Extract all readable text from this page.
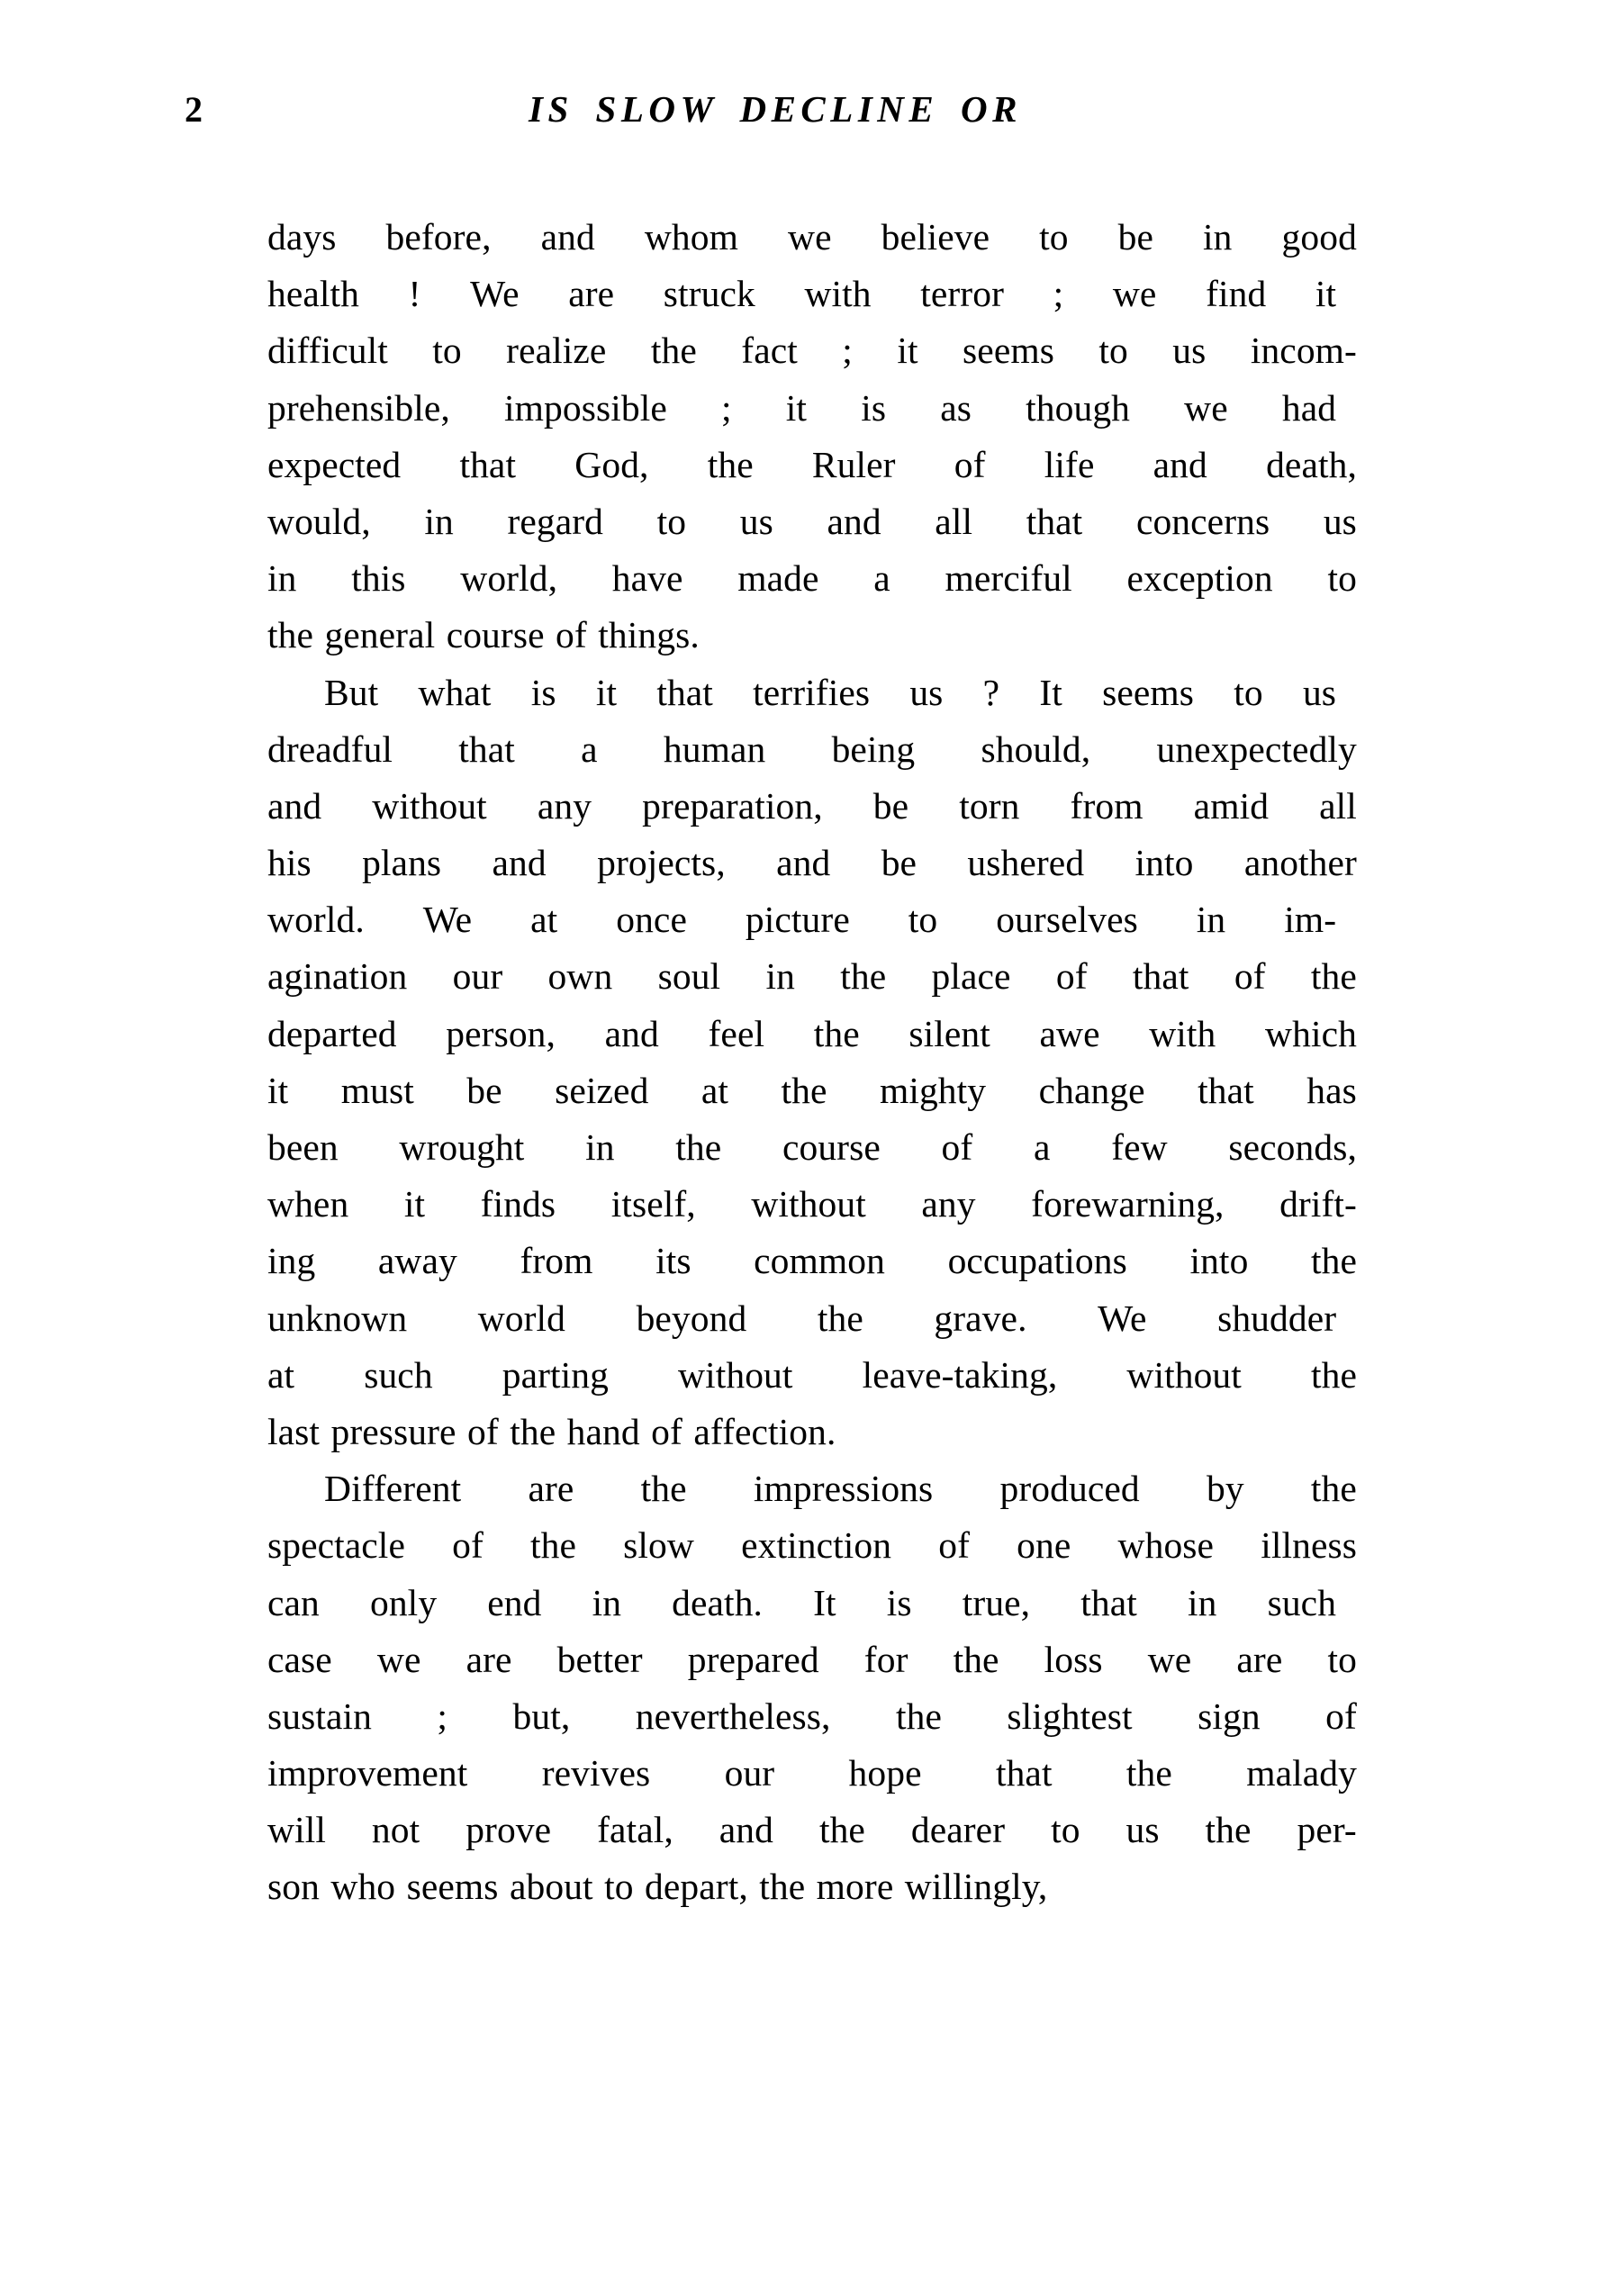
2	IS SLOW DECLINE OR
days before, and whom we believe to be in good
health ! We are struck with terror ; we find it
difficult to realize the fact ; it seems to us incom-
prehensible, impossible ; it is as though we had
expected that God, the Ruler of life and death,
would, in regard to us and all that concerns us
in this world, have made a merciful exception to
the general course of things.
But what is it that terrifies us ? It seems to us
dreadful that a human being should, unexpectedly
and without any preparation, be torn from amid all
his plans and projects, and be ushered into another
world. We at once picture to ourselves in im-
agination our own soul in the place of that of the
departed person, and feel the silent awe with which
it must be seized at the mighty change that has
been wrought in the course of a few seconds,
when it finds itself, without any forewarning, drift-
ing away from its common occupations into the
unknown world beyond the grave. We shudder
at such parting without leave-taking, without the
last pressure of the hand of affection.
Different are the impressions produced by the
spectacle of the slow extinction of one whose illness
can only end in death. It is true, that in such
case we are better prepared for the loss we are to
sustain ; but, nevertheless, the slightest sign of
improvement revives our hope that the malady
will not prove fatal, and the dearer to us the per-
son who seems about to depart, the more willingly,
